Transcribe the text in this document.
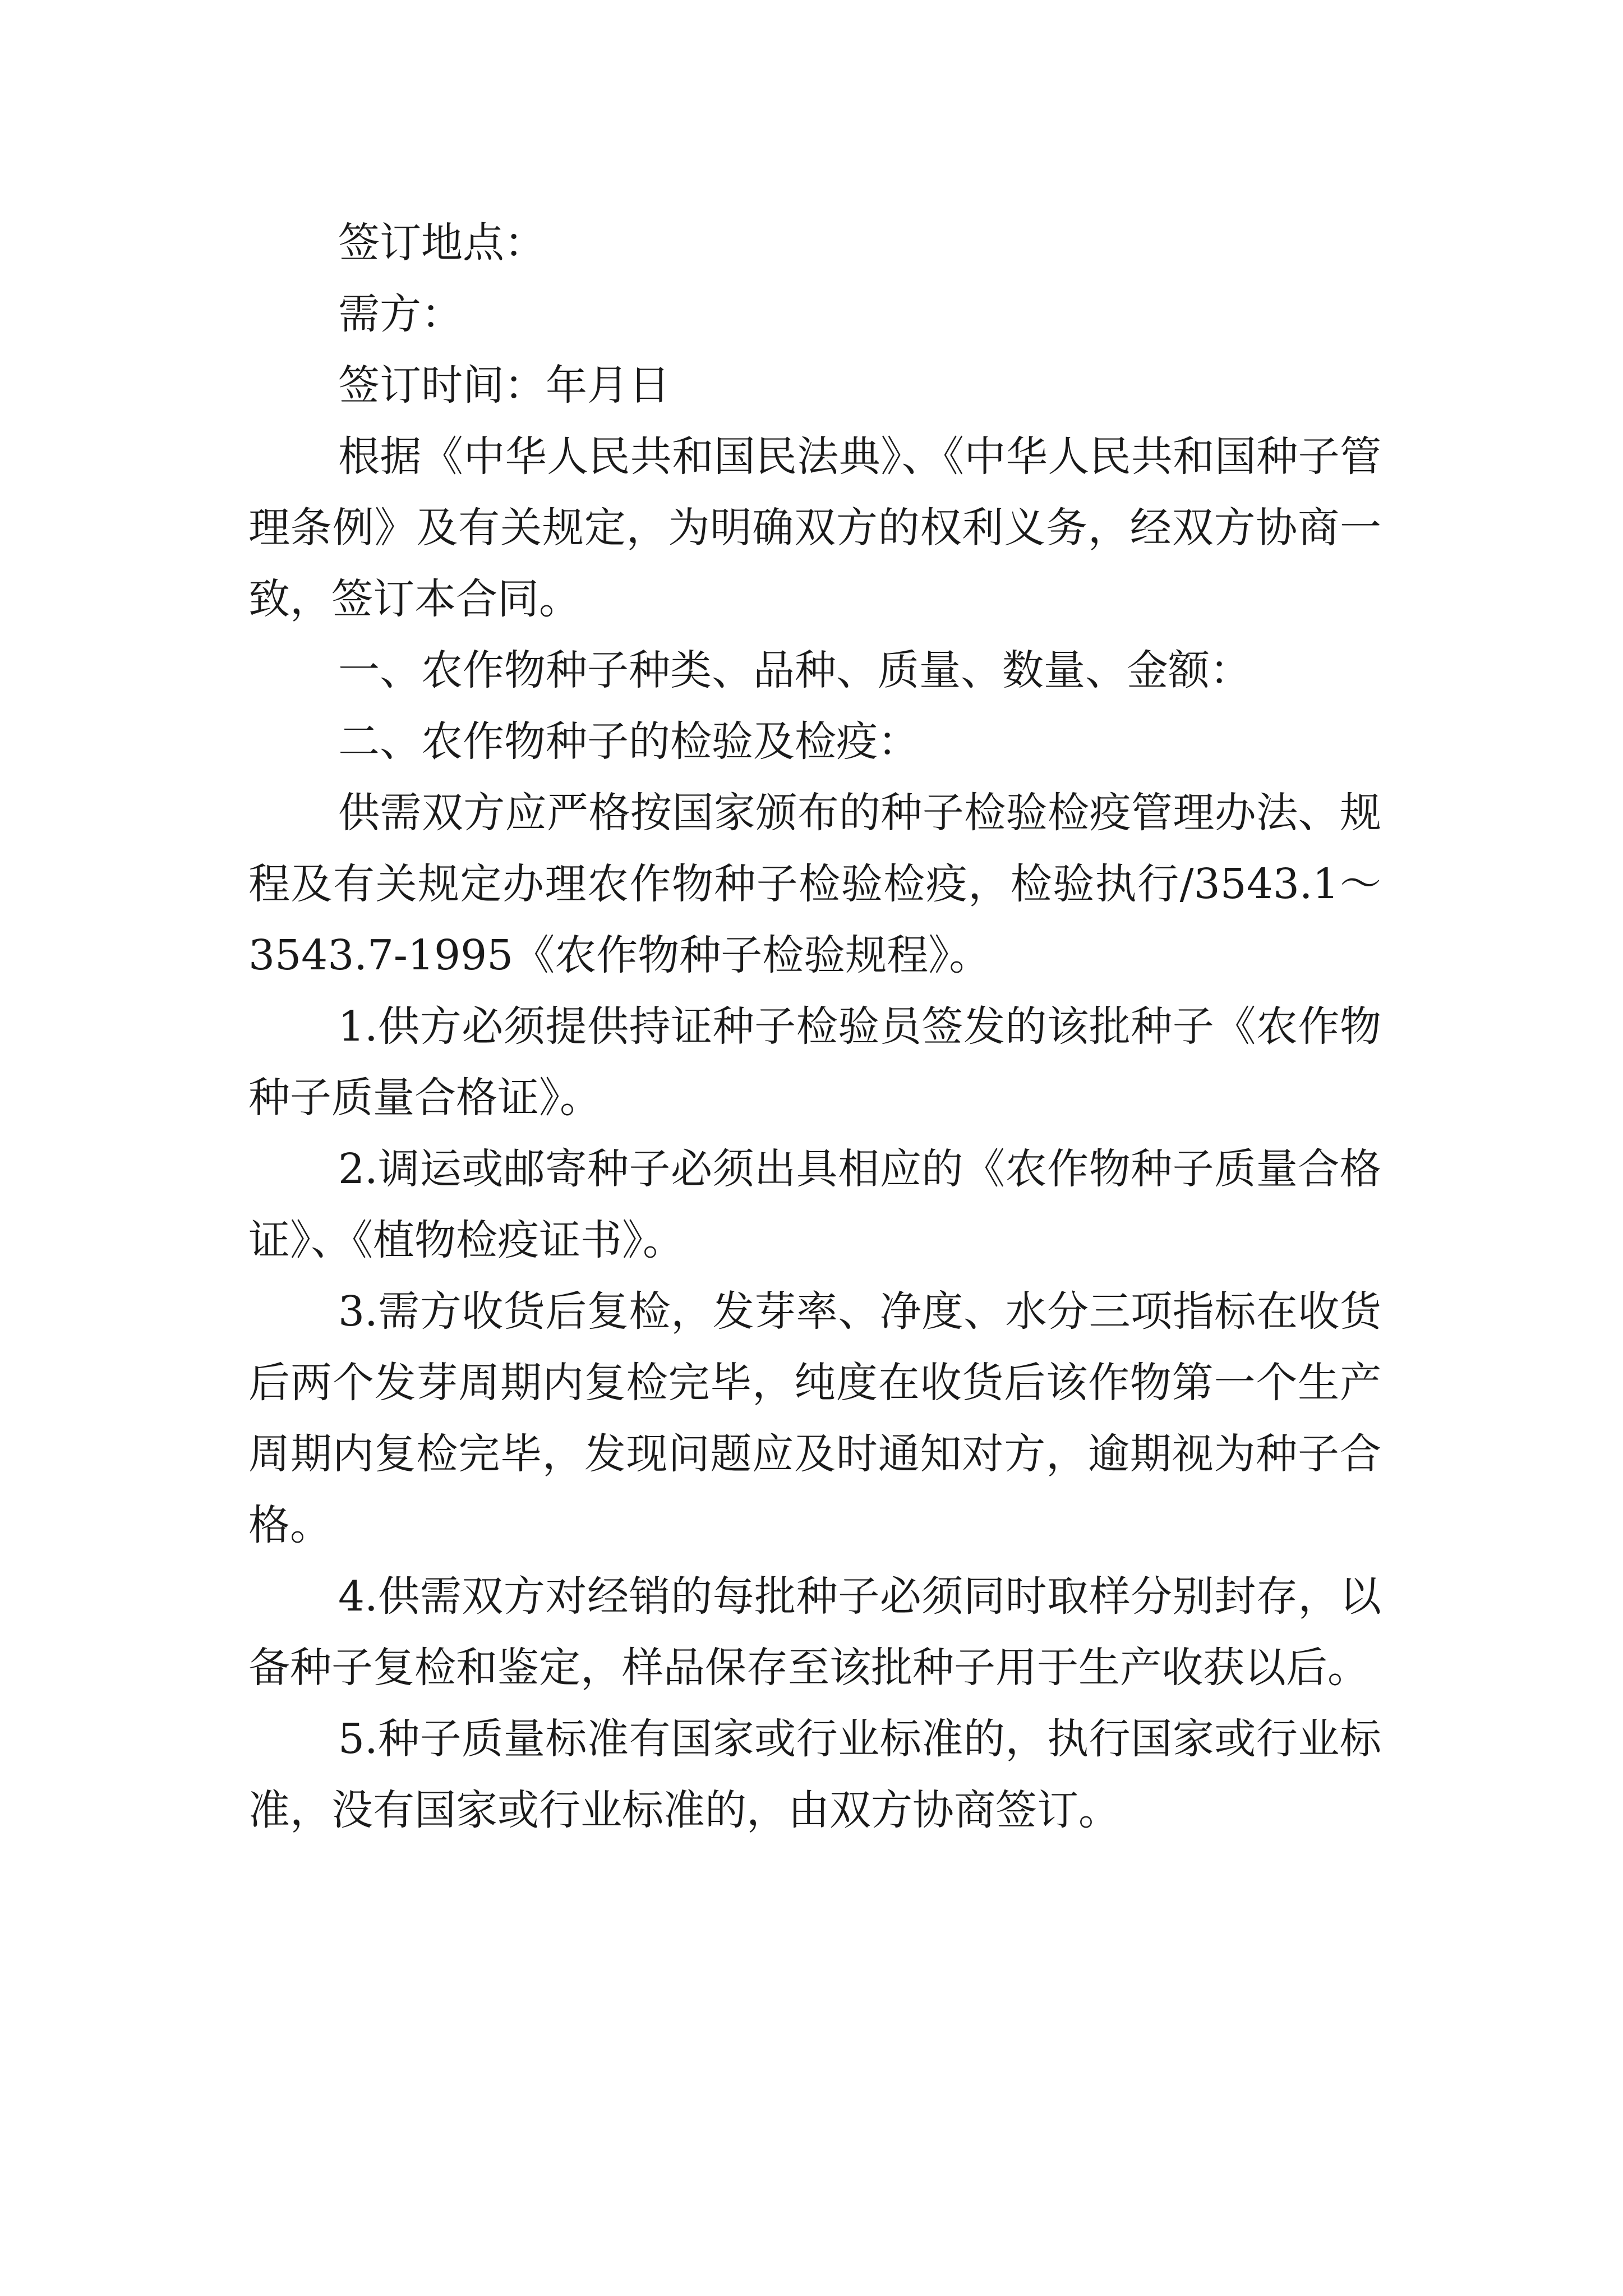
签订地点：

需方：

签订时间：年月日

根据《中华人民共和国民法典》、《中华人民共和国种子管理条例》及有关规定，为明确双方的权利义务，经双方协商一致，签订本合同。

一、农作物种子种类、品种、质量、数量、金额：

二、农作物种子的检验及检疫：

供需双方应严格按国家颁布的种子检验检疫管理办法、规程及有关规定办理农作物种子检验检疫，检验执行/3543.1～3543.7-1995《农作物种子检验规程》。

1.供方必须提供持证种子检验员签发的该批种子《农作物种子质量合格证》。

2.调运或邮寄种子必须出具相应的《农作物种子质量合格证》、《植物检疫证书》。

3.需方收货后复检，发芽率、净度、水分三项指标在收货后两个发芽周期内复检完毕，纯度在收货后该作物第一个生产周期内复检完毕，发现问题应及时通知对方，逾期视为种子合格。

4.供需双方对经销的每批种子必须同时取样分别封存，以备种子复检和鉴定，样品保存至该批种子用于生产收获以后。

5.种子质量标准有国家或行业标准的，执行国家或行业标准，没有国家或行业标准的，由双方协商签订。
